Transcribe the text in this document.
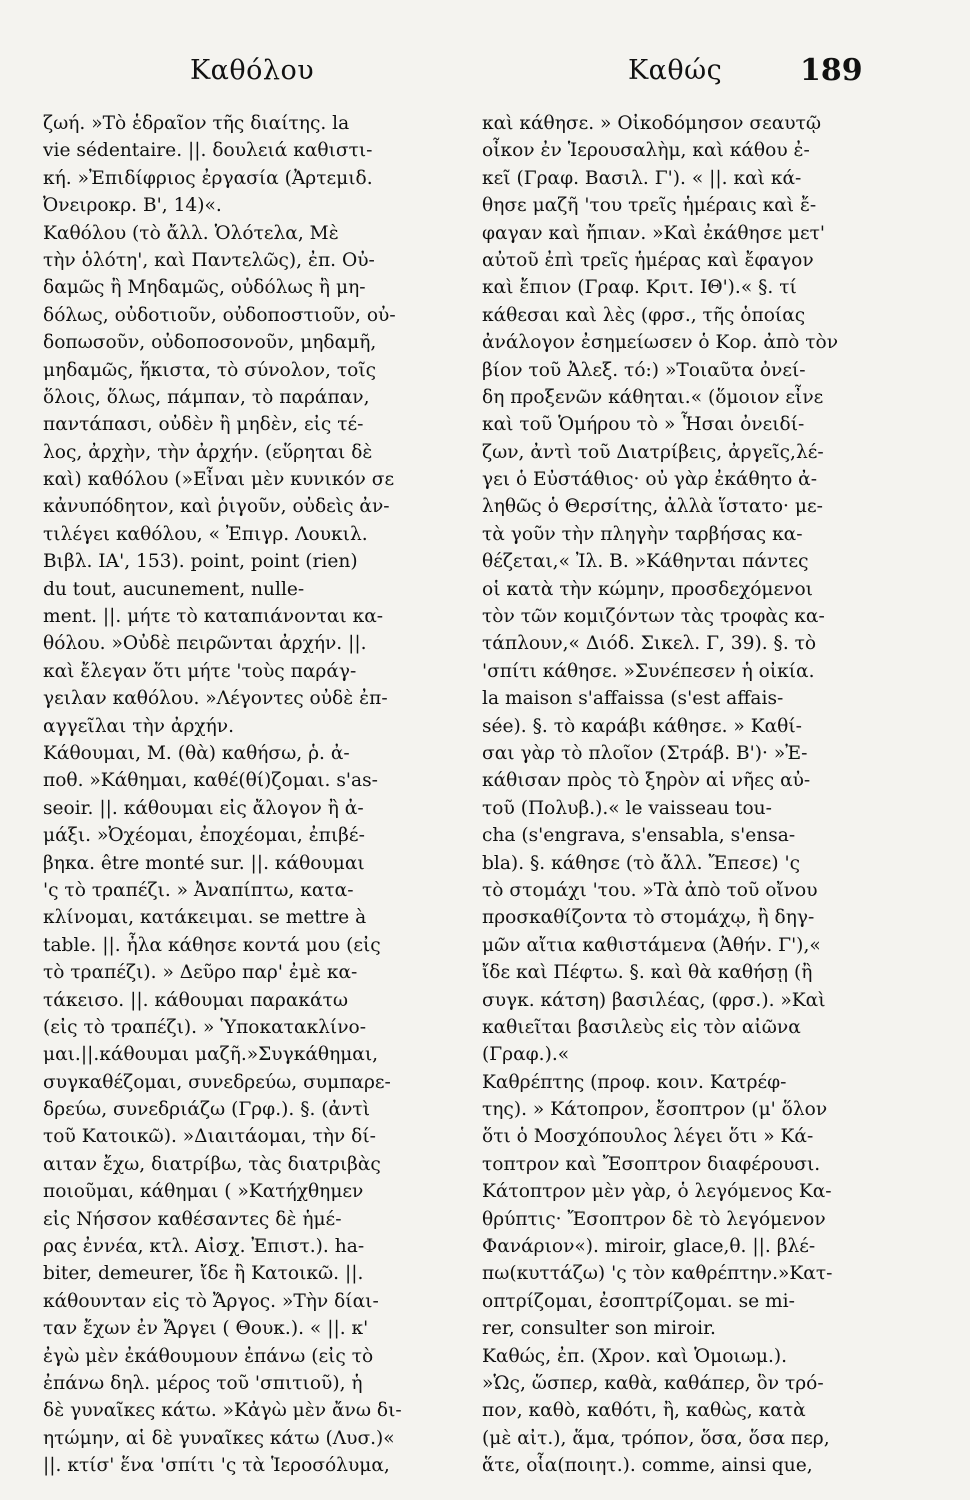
Καθόλου	Καθώς	189
ζωή. »Τὸ ἑδραῖον τῆς διαίτης. la
vie sédentaire. ||. δουλειά καθιστι-
κή. »Ἐπιδίφριος ἐργασία (Ἀρτεμιδ.
Ὀνειροκρ. Β', 14)«.
Καθόλου (τὸ ἄλλ. Ὁλότελα, Μὲ
τὴν ὁλότη', καὶ Παντελῶς), ἐπ. Οὐ-
δαμῶς ἢ Μηδαμῶς, οὐδόλως ἢ μη-
δόλως, οὐδοτιοῦν, οὐδοποστιοῦν, οὐ-
δοπωσοῦν, οὐδοποσονοῦν, μηδαμῆ,
μηδαμῶς, ἥκιστα, τὸ σύνολον, τοῖς
ὅλοις, ὅλως, πάμπαν, τὸ παράπαν,
παντάπασι, οὐδὲν ἢ μηδὲν, εἰς τέ-
λος, ἀρχὴν, τὴν ἀρχήν. (εὕρηται δὲ
καὶ) καθόλου (»Εἶναι μὲν κυνικόν σε
κἀνυπόδητον, καὶ ῥιγοῦν, οὐδεὶς ἀν-
τιλέγει καθόλου, « Ἐπιγρ. Λουκιλ.
Βιβλ. ΙΑ', 153). point, point (rien)
du tout, aucunement, nulle-
ment. ||. μήτε τὸ καταπιάνονται κα-
θόλου. »Οὐδὲ πειρῶνται ἀρχήν. ||.
καὶ ἔλεγαν ὅτι μήτε 'τοὺς παράγ-
γειλαν καθόλου. »Λέγοντες οὐδὲ ἐπ-
αγγεῖλαι τὴν ἀρχήν.
Κάθουμαι, Μ. (θὰ) καθήσω, ῥ. ἀ-
ποθ. »Κάθημαι, καθέ(θί)ζομαι. s'as-
seoir. ||. κάθουμαι εἰς ἄλογον ἢ ἀ-
μάξι. »Ὀχέομαι, ἐποχέομαι, ἐπιβέ-
βηκα. être monté sur. ||. κάθουμαι
'ς τὸ τραπέζι. » Ἀναπίπτω, κατα-
κλίνομαι, κατάκειμαι. se mettre à
table. ||. ἦλα κάθησε κοντά μου (εἰς
τὸ τραπέζι). » Δεῦρο παρ' ἐμὲ κα-
τάκεισο. ||. κάθουμαι παρακάτω
(εἰς τὸ τραπέζι). » Ὑποκατακλίνο-
μαι.||.κάθουμαι μαζῆ.»Συγκάθημαι,
συγκαθέζομαι, συνεδρεύω, συμπαρε-
δρεύω, συνεδριάζω (Γρφ.). §. (ἀντὶ
τοῦ Κατοικῶ). »Διαιτάομαι, τὴν δί-
αιταν ἔχω, διατρίβω, τὰς διατριβὰς
ποιοῦμαι, κάθημαι ( »Κατήχθημεν
εἰς Νήσσον καθέσαντες δὲ ἡμέ-
ρας ἐννέα, κτλ. Αἰσχ. Ἐπιστ.). ha-
biter, demeurer, ἴδε ἢ Κατοικῶ. ||.
κάθουνταν εἰς τὸ Ἄργος. »Τὴν δίαι-
ταν ἔχων ἐν Ἄργει ( Θουκ.). « ||. κ'
ἐγὼ μὲν ἐκάθουμουν ἐπάνω (εἰς τὸ
ἐπάνω δηλ. μέρος τοῦ 'σπιτιοῦ), ἡ
δὲ γυναῖκες κάτω. »Κἀγὼ μὲν ἄνω δι-
ητώμην, αἱ δὲ γυναῖκες κάτω (Λυσ.)«
||. κτίσ' ἕνα 'σπίτι 'ς τὰ Ἱεροσόλυμα,
καὶ κάθησε. » Οἰκοδόμησον σεαυτῷ
οἶκον ἐν Ἱερουσαλὴμ, καὶ κάθου ἐ-
κεῖ (Γραφ. Βασιλ. Γ'). « ||. καὶ κά-
θησε μαζῆ 'του τρεῖς ἡμέραις καὶ ἔ-
φαγαν καὶ ἤπιαν. »Καὶ ἐκάθησε μετ'
αὐτοῦ ἐπὶ τρεῖς ἡμέρας καὶ ἔφαγον
καὶ ἔπιον (Γραφ. Κριτ. ΙΘ').« §. τί
κάθεσαι καὶ λὲς (φρσ., τῆς ὁποίας
ἀνάλογον ἐσημείωσεν ὁ Κορ. ἀπὸ τὸν
βίον τοῦ Ἀλεξ. τό:) »Τοιαῦτα ὀνεί-
δη προξενῶν κάθηται.« (ὅμοιον εἶνε
καὶ τοῦ Ὁμήρου τὸ » Ἧσαι ὀνειδί-
ζων, ἀντὶ τοῦ Διατρίβεις, ἀργεῖς,λέ-
γει ὁ Εὐστάθιος· οὐ γὰρ ἐκάθητο ἀ-
ληθῶς ὁ Θερσίτης, ἀλλὰ ἵστατο· με-
τὰ γοῦν τὴν πληγὴν ταρβήσας κα-
θέζεται,« Ἰλ. Β. »Κάθηνται πάντες
οἱ κατὰ τὴν κώμην, προσδεχόμενοι
τὸν τῶν κομιζόντων τὰς τροφὰς κα-
τάπλουν,« Διόδ. Σικελ. Γ, 39). §. τὸ
'σπίτι κάθησε. »Συνέπεσεν ἡ οἰκία.
la maison s'affaissa (s'est affais-
sée). §. τὸ καράβι κάθησε. » Καθί-
σαι γὰρ τὸ πλοῖον (Στράβ. Β')· »Ἐ-
κάθισαν πρὸς τὸ ξηρὸν αἱ νῆες αὐ-
τοῦ (Πολυβ.).« le vaisseau tou-
cha (s'engrava, s'ensabla, s'ensa-
bla). §. κάθησε (τὸ ἄλλ. Ἔπεσε) 'ς
τὸ στομάχι 'του. »Τὰ ἀπὸ τοῦ οἴνου
προσκαθίζοντα τὸ στομάχῳ, ἢ δηγ-
μῶν αἴτια καθιστάμενα (Ἀθήν. Γ'),«
ἴδε καὶ Πέφτω. §. καὶ θὰ καθήσῃ (ἢ
συγκ. κάτση) βασιλέας, (φρσ.). »Καὶ
καθιεῖται βασιλεὺς εἰς τὸν αἰῶνα
(Γραφ.).«
Καθρέπτης (προφ. κοιν. Κατρέφ-
της). » Κάτοπρον, ἔσοπτρον (μ' ὅλον
ὅτι ὁ Μοσχόπουλος λέγει ὅτι » Κά-
τοπτρον καὶ Ἔσοπτρον διαφέρουσι.
Κάτοπτρον μὲν γὰρ, ὁ λεγόμενος Κα-
θρύπτις· Ἔσοπτρον δὲ τὸ λεγόμενον
Φανάριον«). miroir, glace,θ. ||. βλέ-
πω(κυττάζω) 'ς τὸν καθρέπτην.»Κατ-
οπτρίζομαι, ἐσοπτρίζομαι. se mi-
rer, consulter son miroir.
Καθώς, ἐπ. (Χρον. καὶ Ὁμοιωμ.).
»Ὡς, ὥσπερ, καθὰ, καθάπερ, ὃν τρό-
πον, καθὸ, καθότι, ἢ, καθὼς, κατὰ
(μὲ αἰτ.), ἅμα, τρόπον, ὅσα, ὅσα περ,
ἅτε, οἷα(ποιητ.). comme, ainsi que,
